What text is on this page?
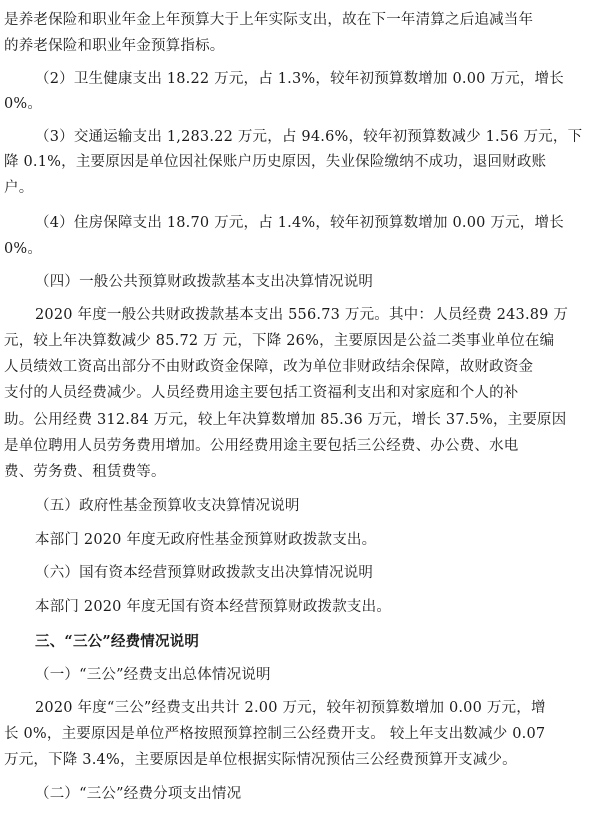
是养老保险和职业年金上年预算大于上年实际支出，故在下一年清算之后追减当年
的养老保险和职业年金预算指标。
（2）卫生健康支出 18.22 万元，占 1.3%，较年初预算数增加 0.00 万元，增长
0%。
（3）交通运输支出 1,283.22 万元，占 94.6%，较年初预算数减少 1.56 万元，下
降 0.1%，主要原因是单位因社保账户历史原因，失业保险缴纳不成功，退回财政账
户。
（4）住房保障支出 18.70 万元，占 1.4%，较年初预算数增加 0.00 万元，增长
0%。
（四）一般公共预算财政拨款基本支出决算情况说明
2020 年度一般公共财政拨款基本支出 556.73 万元。其中：人员经费 243.89 万
元，较上年决算数减少 85.72 万 元，下降 26%，主要原因是公益二类事业单位在编
人员绩效工资高出部分不由财政资金保障，改为单位非财政结余保障，故财政资金
支付的人员经费减少。人员经费用途主要包括工资福利支出和对家庭和个人的补
助。公用经费 312.84 万元，较上年决算数增加 85.36 万元，增长 37.5%，主要原因
是单位聘用人员劳务费用增加。公用经费用途主要包括三公经费、办公费、水电
费、劳务费、租赁费等。
（五）政府性基金预算收支决算情况说明
本部门 2020 年度无政府性基金预算财政拨款支出。
（六）国有资本经营预算财政拨款支出决算情况说明
本部门 2020 年度无国有资本经营预算财政拨款支出。
三、“三公”经费情况说明
（一）“三公”经费支出总体情况说明
2020 年度“三公”经费支出共计 2.00 万元，较年初预算数增加 0.00 万元，增
长 0%，主要原因是单位严格按照预算控制三公经费开支。 较上年支出数减少 0.07
万元，下降 3.4%，主要原因是单位根据实际情况预估三公经费预算开支减少。
（二）“三公”经费分项支出情况
